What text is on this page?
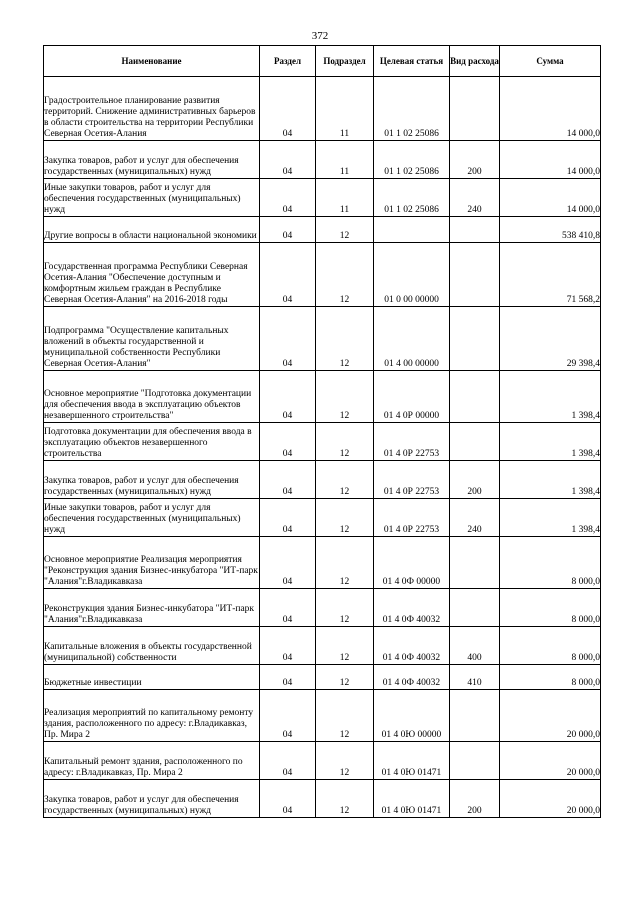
372
Наименование	Раздел	Подраздел	Целевая статья	Вид расхода	Сумма
Градостроительное планирование развития территорий. Снижение административных барьеров в области строительства на территории Республики Северная Осетия-Алания	04	11	01 1 02 25086		14 000,0
Закупка товаров, работ и услуг для обеспечения государственных (муниципальных) нужд	04	11	01 1 02 25086	200	14 000,0
Иные закупки товаров, работ и услуг для обеспечения государственных (муниципальных) нужд	04	11	01 1 02 25086	240	14 000,0
Другие вопросы в области национальной экономики	04	12			538 410,8
Государственная программа Республики Северная Осетия-Алания "Обеспечение доступным и комфортным жильем граждан в Республике Северная Осетия-Алания" на 2016-2018 годы	04	12	01 0 00 00000		71 568,2
Подпрограмма "Осуществление капитальных вложений в объекты государственной и муниципальной собственности Республики Северная Осетия-Алания"	04	12	01 4 00 00000		29 398,4
Основное мероприятие "Подготовка документации для обеспечения ввода в эксплуатацию объектов незавершенного строительства"	04	12	01 4 0Р 00000		1 398,4
Подготовка документации для обеспечения ввода в эксплуатацию объектов незавершенного строительства	04	12	01 4 0Р 22753		1 398,4
Закупка товаров, работ и услуг для обеспечения государственных (муниципальных) нужд	04	12	01 4 0Р 22753	200	1 398,4
Иные закупки товаров, работ и услуг для обеспечения государственных (муниципальных) нужд	04	12	01 4 0Р 22753	240	1 398,4
Основное мероприятие Реализация мероприятия "Реконструкция здания Бизнес-инкубатора "ИТ-парк "Алания"г.Владикавказа	04	12	01 4 0Ф 00000		8 000,0
Реконструкция здания Бизнес-инкубатора "ИТ-парк "Алания"г.Владикавказа	04	12	01 4 0Ф 40032		8 000,0
Капитальные вложения в объекты государственной (муниципальной) собственности	04	12	01 4 0Ф 40032	400	8 000,0
Бюджетные инвестиции	04	12	01 4 0Ф 40032	410	8 000,0
Реализация мероприятий по капитальному ремонту здания, расположенного по адресу: г.Владикавказ, Пр. Мира 2	04	12	01 4 0Ю 00000		20 000,0
Капитальный ремонт здания, расположенного по адресу: г.Владикавказ, Пр. Мира 2	04	12	01 4 0Ю 01471		20 000,0
Закупка товаров, работ и услуг для обеспечения государственных (муниципальных) нужд	04	12	01 4 0Ю 01471	200	20 000,0
